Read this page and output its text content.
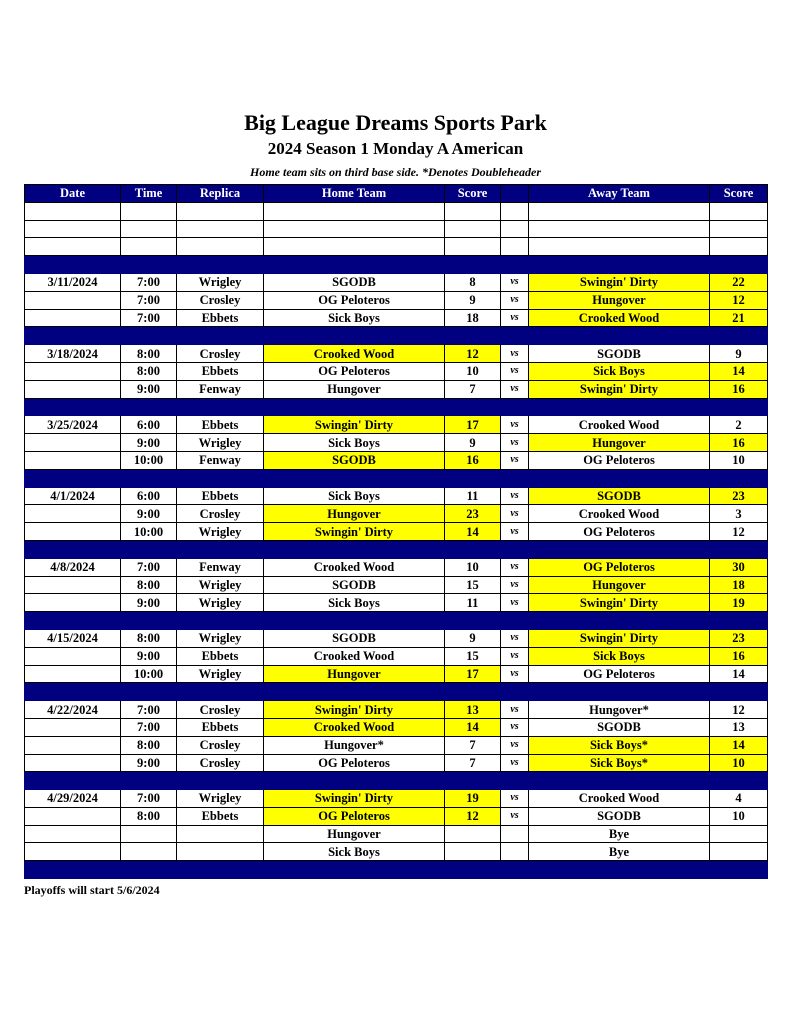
Big League Dreams Sports Park
2024 Season 1 Monday A American
Home team sits on third base side. *Denotes Doubleheader
Date	Time	Replica	Home Team	Score		Away Team	Score

3/11/2024	7:00	Wrigley	SGODB	8	vs	Swingin' Dirty	22
	7:00	Crosley	OG Peloteros	9	vs	Hungover	12
	7:00	Ebbets	Sick Boys	18	vs	Crooked Wood	21

3/18/2024	8:00	Crosley	Crooked Wood	12	vs	SGODB	9
	8:00	Ebbets	OG Peloteros	10	vs	Sick Boys	14
	9:00	Fenway	Hungover	7	vs	Swingin' Dirty	16

3/25/2024	6:00	Ebbets	Swingin' Dirty	17	vs	Crooked Wood	2
	9:00	Wrigley	Sick Boys	9	vs	Hungover	16
	10:00	Fenway	SGODB	16	vs	OG Peloteros	10

4/1/2024	6:00	Ebbets	Sick Boys	11	vs	SGODB	23
	9:00	Crosley	Hungover	23	vs	Crooked Wood	3
	10:00	Wrigley	Swingin' Dirty	14	vs	OG Peloteros	12

4/8/2024	7:00	Fenway	Crooked Wood	10	vs	OG Peloteros	30
	8:00	Wrigley	SGODB	15	vs	Hungover	18
	9:00	Wrigley	Sick Boys	11	vs	Swingin' Dirty	19

4/15/2024	8:00	Wrigley	SGODB	9	vs	Swingin' Dirty	23
	9:00	Ebbets	Crooked Wood	15	vs	Sick Boys	16
	10:00	Wrigley	Hungover	17	vs	OG Peloteros	14

4/22/2024	7:00	Crosley	Swingin' Dirty	13	vs	Hungover*	12
	7:00	Ebbets	Crooked Wood	14	vs	SGODB	13
	8:00	Crosley	Hungover*	7	vs	Sick Boys*	14
	9:00	Crosley	OG Peloteros	7	vs	Sick Boys*	10

4/29/2024	7:00	Wrigley	Swingin' Dirty	19	vs	Crooked Wood	4
	8:00	Ebbets	OG Peloteros	12	vs	SGODB	10
			Hungover			Bye	
			Sick Boys			Bye	

Playoffs will start 5/6/2024
